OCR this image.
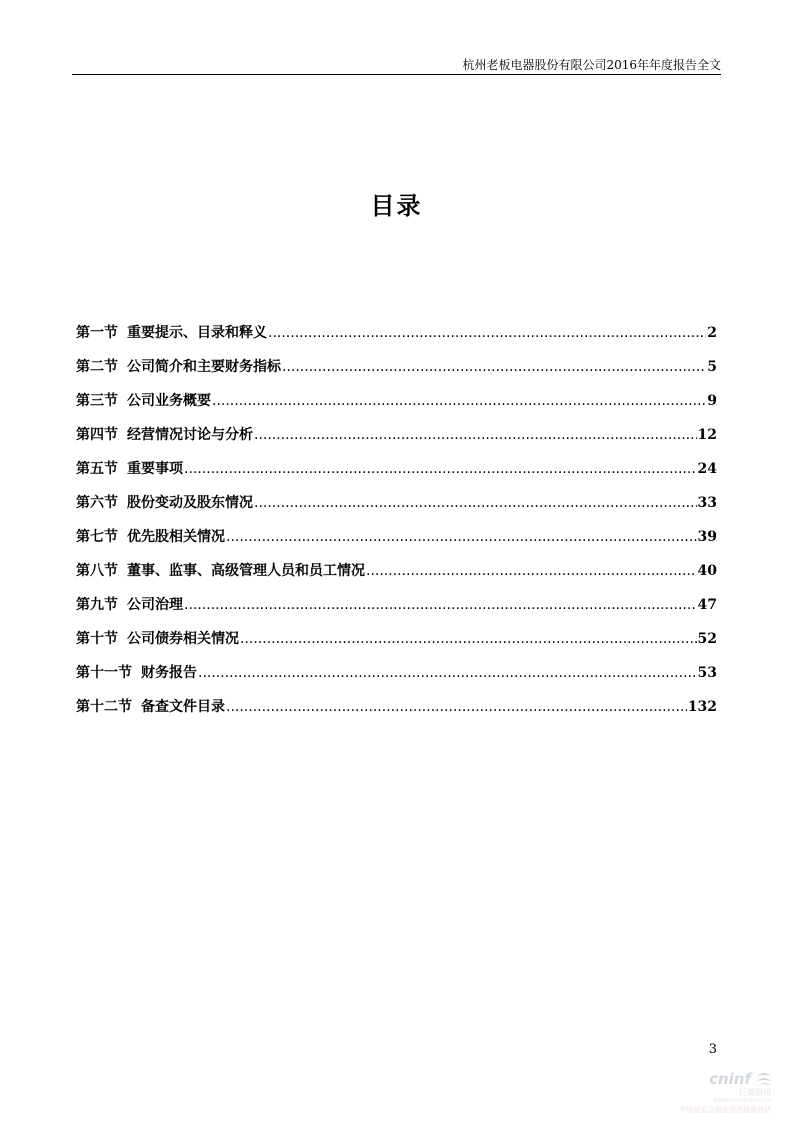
杭州老板电器股份有限公司2016年年度报告全文
目录
第一节 重要提示、目录和释义 .....	2
第二节 公司简介和主要财务指标 .....	5
第三节 公司业务概要 .....	9
第四节 经营情况讨论与分析 .....	12
第五节 重要事项 .....	24
第六节 股份变动及股东情况 .....	33
第七节 优先股相关情况 .....	39
第八节 董事、监事、高级管理人员和员工情况 .....	40
第九节 公司治理 .....	47
第十节 公司债券相关情况 .....	52
第十一节 财务报告 .....	53
第十二节 备查文件目录 .....	132
3
cninf
巨潮资讯
www.cninfo.com.cn
中国证监会指定信息披露网站
